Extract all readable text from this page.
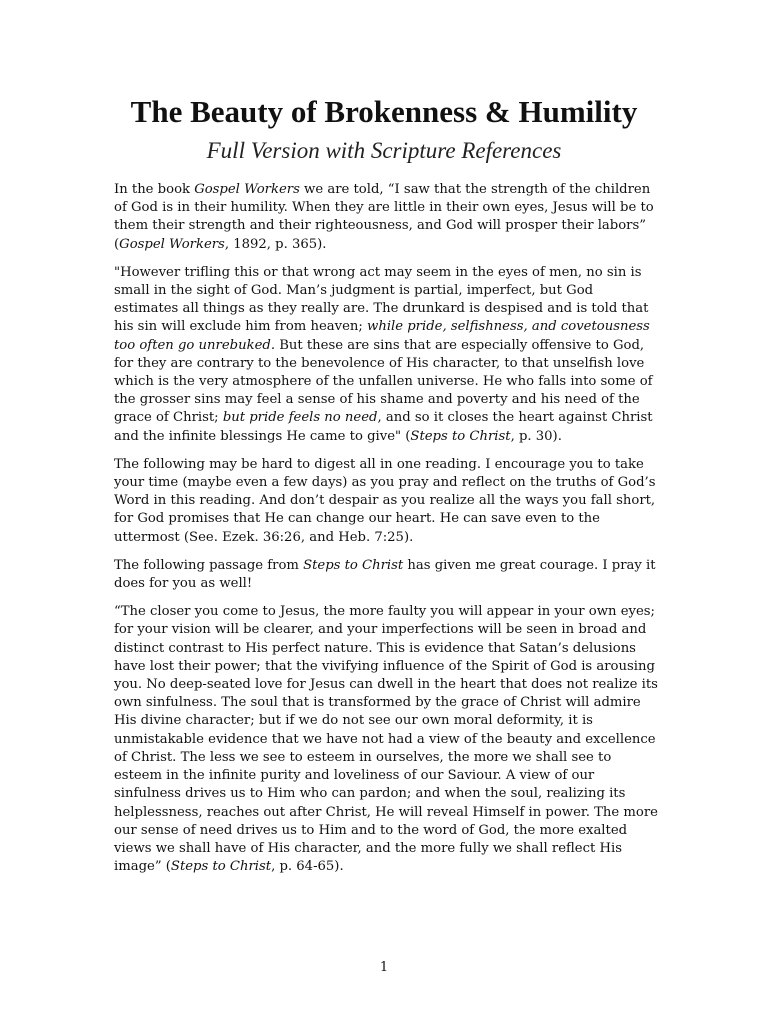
The Beauty of Brokenness & Humility
Full Version with Scripture References

In the book Gospel Workers we are told, “I saw that the strength of the children of God is in their humility. When they are little in their own eyes, Jesus will be to them their strength and their righteousness, and God will prosper their labors” (Gospel Workers, 1892, p. 365).

"However trifling this or that wrong act may seem in the eyes of men, no sin is small in the sight of God. Man’s judgment is partial, imperfect, but God estimates all things as they really are. The drunkard is despised and is told that his sin will exclude him from heaven; while pride, selfishness, and covetousness too often go unrebuked. But these are sins that are especially offensive to God, for they are contrary to the benevolence of His character, to that unselfish love which is the very atmosphere of the unfallen universe. He who falls into some of the grosser sins may feel a sense of his shame and poverty and his need of the grace of Christ; but pride feels no need, and so it closes the heart against Christ and the infinite blessings He came to give" (Steps to Christ, p. 30).

The following may be hard to digest all in one reading. I encourage you to take your time (maybe even a few days) as you pray and reflect on the truths of God’s Word in this reading. And don’t despair as you realize all the ways you fall short, for God promises that He can change our heart. He can save even to the uttermost (See. Ezek. 36:26, and Heb. 7:25).

The following passage from Steps to Christ has given me great courage. I pray it does for you as well!

“The closer you come to Jesus, the more faulty you will appear in your own eyes; for your vision will be clearer, and your imperfections will be seen in broad and distinct contrast to His perfect nature. This is evidence that Satan’s delusions have lost their power; that the vivifying influence of the Spirit of God is arousing you. No deep-seated love for Jesus can dwell in the heart that does not realize its own sinfulness. The soul that is transformed by the grace of Christ will admire His divine character; but if we do not see our own moral deformity, it is unmistakable evidence that we have not had a view of the beauty and excellence of Christ. The less we see to esteem in ourselves, the more we shall see to esteem in the infinite purity and loveliness of our Saviour. A view of our sinfulness drives us to Him who can pardon; and when the soul, realizing its helplessness, reaches out after Christ, He will reveal Himself in power. The more our sense of need drives us to Him and to the word of God, the more exalted views we shall have of His character, and the more fully we shall reflect His image” (Steps to Christ, p. 64-65).

1
